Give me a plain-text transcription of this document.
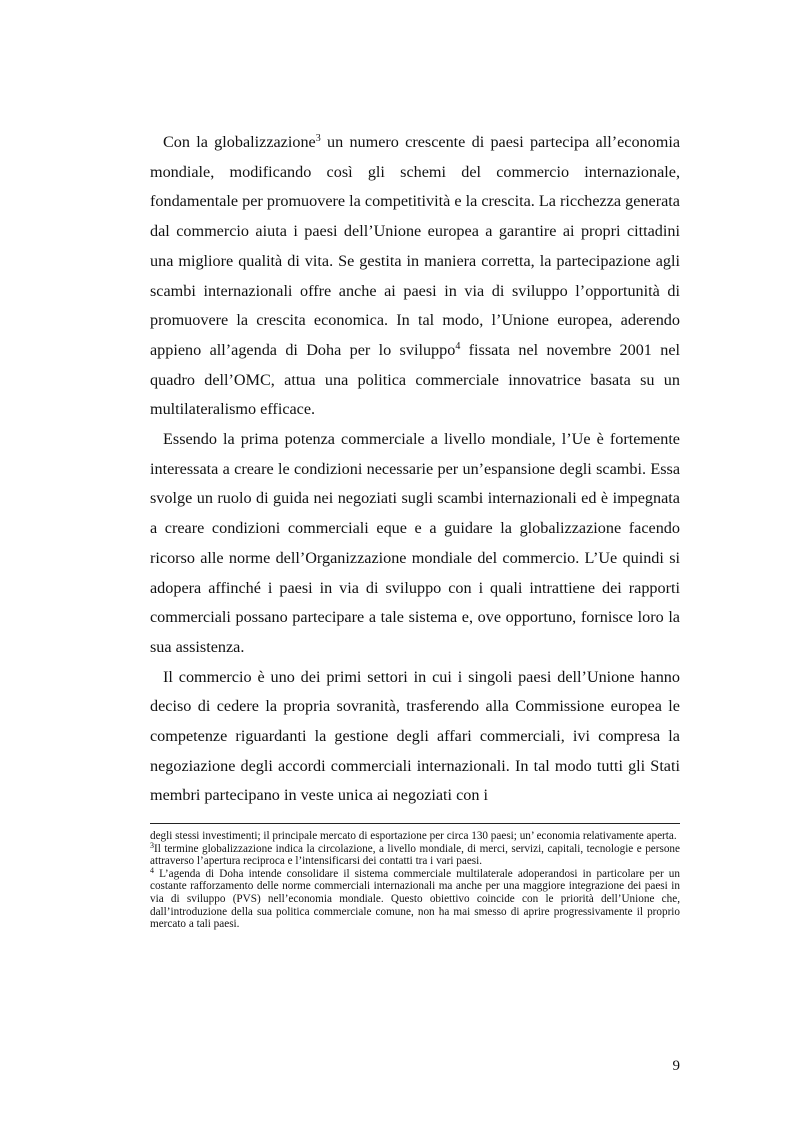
Con la globalizzazione$^3$ un numero crescente di paesi partecipa all’economia mondiale, modificando così gli schemi del commercio internazionale, fondamentale per promuovere la competitività e la crescita. La ricchezza generata dal commercio aiuta i paesi dell’Unione europea a garantire ai propri cittadini una migliore qualità di vita. Se gestita in maniera corretta, la partecipazione agli scambi internazionali offre anche ai paesi in via di sviluppo l’opportunità di promuovere la crescita economica. In tal modo, l’Unione europea, aderendo appieno all’agenda di Doha per lo sviluppo$^4$ fissata nel novembre 2001 nel quadro dell’OMC, attua una politica commerciale innovatrice basata su un multilateralismo efficace.

Essendo la prima potenza commerciale a livello mondiale, l’Ue è fortemente interessata a creare le condizioni necessarie per un’espansione degli scambi. Essa svolge un ruolo di guida nei negoziati sugli scambi internazionali ed è impegnata a creare condizioni commerciali eque e a guidare la globalizzazione facendo ricorso alle norme dell’Organizzazione mondiale del commercio. L’Ue quindi si adopera affinché i paesi in via di sviluppo con i quali intrattiene dei rapporti commerciali possano partecipare a tale sistema e, ove opportuno, fornisce loro la sua assistenza.

Il commercio è uno dei primi settori in cui i singoli paesi dell’Unione hanno deciso di cedere la propria sovranità, trasferendo alla Commissione europea le competenze riguardanti la gestione degli affari commerciali, ivi compresa la negoziazione degli accordi commerciali internazionali. In tal modo tutti gli Stati membri partecipano in veste unica ai negoziati con i

degli stessi investimenti; il principale mercato di esportazione per circa 130 paesi; un’ economia relativamente aperta.

$^3$Il termine globalizzazione indica la circolazione, a livello mondiale, di merci, servizi, capitali, tecnologie e persone attraverso l’apertura reciproca e l’intensificarsi dei contatti tra i vari paesi.

$^4$ L’agenda di Doha intende consolidare il sistema commerciale multilaterale adoperandosi in particolare per un costante rafforzamento delle norme commerciali internazionali ma anche per una maggiore integrazione dei paesi in via di sviluppo (PVS) nell’economia mondiale. Questo obiettivo coincide con le priorità dell’Unione che, dall’introduzione della sua politica commerciale comune, non ha mai smesso di aprire progressivamente il proprio mercato a tali paesi.

9
